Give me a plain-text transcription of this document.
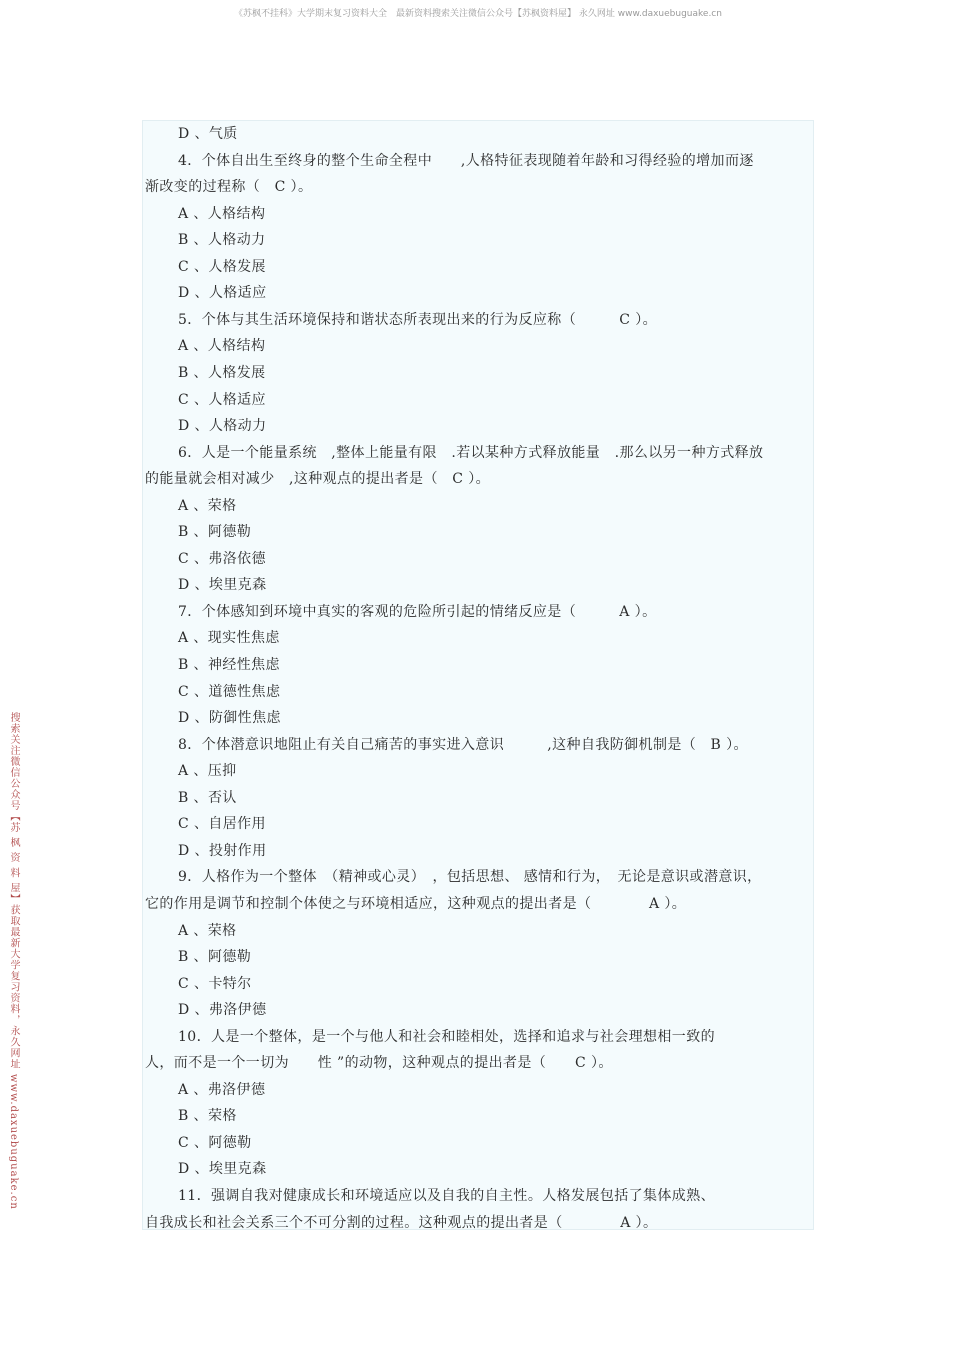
《苏枫不挂科》大学期末复习资料大全　最新资料搜索关注微信公众号【苏枫资料屋】 永久网址 www.daxuebuguake.cn
搜索关注微信公众号【苏 枫 资 料 屋】获取最新大学复习资料，永久网址 www.daxuebuguake.cn
D 、气质
4．个体自出生至终身的整个生命全程中　　,人格特征表现随着年龄和习得经验的增加而逐
渐改变的过程称（　C ）。
A 、人格结构
B 、人格动力
C 、人格发展
D 、人格适应
5．个体与其生活环境保持和谐状态所表现出来的行为反应称（　　　C ）。
A 、人格结构
B 、人格发展
C 、人格适应
D 、人格动力
6．人是一个能量系统　,整体上能量有限　.若以某种方式释放能量　.那么以另一种方式释放
的能量就会相对减少　,这种观点的提出者是（　C ）。
A 、荣格
B 、阿德勒
C 、弗洛依德
D 、埃里克森
7．个体感知到环境中真实的客观的危险所引起的情绪反应是（　　　A ）。
A 、现实性焦虑
B 、神经性焦虑
C 、道德性焦虑
D 、防御性焦虑
8．个体潜意识地阻止有关自己痛苦的事实进入意识　　　,这种自我防御机制是（　B ）。
A 、压抑
B 、否认
C 、自居作用
D 、投射作用
9．人格作为一个整体　（精神或心灵）　，包括思想、 感情和行为，　无论是意识或潜意识，
它的作用是调节和控制个体使之与环境相适应，这种观点的提出者是（　　　　A ）。
A 、荣格
B 、阿德勒
C 、卡特尔
D 、弗洛伊德
10．人是一个整体，是一个与他人和社会和睦相处，选择和追求与社会理想相一致的
人，而不是一个一切为　　性 ”的动物，这种观点的提出者是（　　C ）。
A 、弗洛伊德
B 、荣格
C 、阿德勒
D 、埃里克森
11．强调自我对健康成长和环境适应以及自我的自主性。人格发展包括了集体成熟、
自我成长和社会关系三个不可分割的过程。这种观点的提出者是（　　　　A ）。
